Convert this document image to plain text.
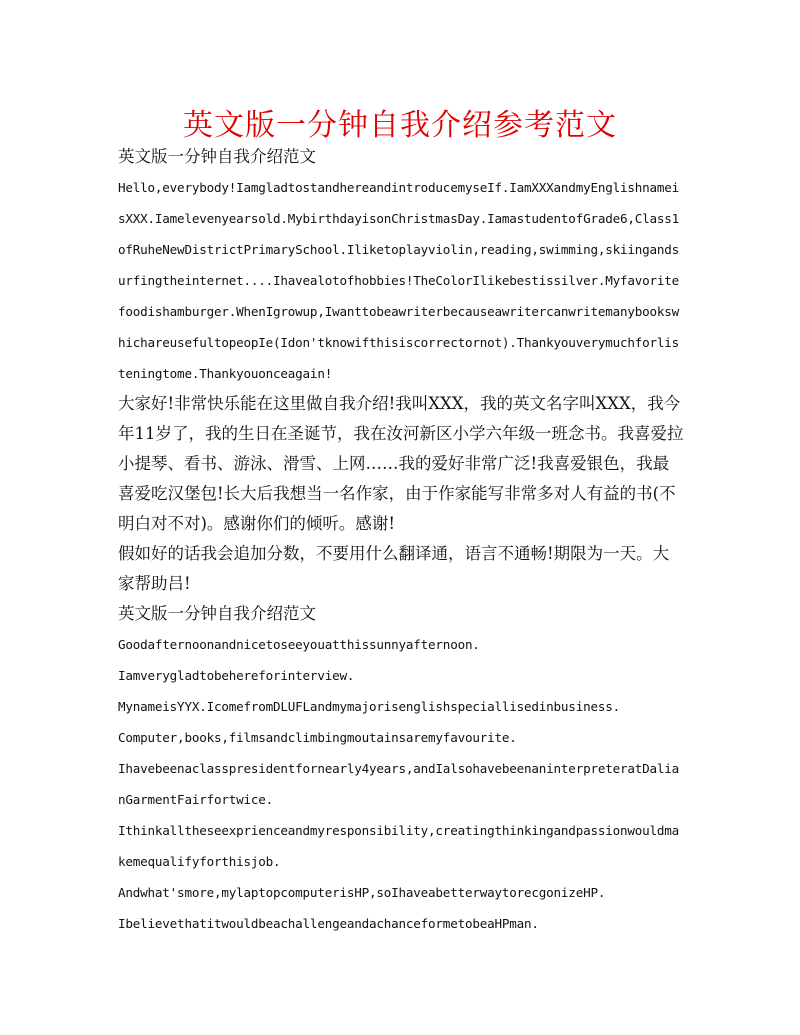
英文版一分钟自我介绍参考范文

英文版一分钟自我介绍范文

Hello,everybody!IamgladtostandhereandintroducemyseIf.IamXXXandmyEnglishnameisXXX.Iamelevenyearsold.MybirthdayisonChristmasDay.IamastudentofGrade6,Class1ofRuheNewDistrictPrimarySchool.Iliketoplayviolin,reading,swimming,skiingandsurfingtheinternet....Ihavealotofhobbies!TheColorIlikebestissilver.Myfavoritefoodishamburger.WhenIgrowup,IwanttobeawriterbecauseawritercanwritemanybookswhichareusefultopeopIe(Idon'tknowifthisiscorrectornot).Thankyouverymuchforlisteningtome.Thankyouonceagain!

大家好!非常快乐能在这里做自我介绍!我叫XXX，我的英文名字叫XXX，我今年11岁了，我的生日在圣诞节，我在汝河新区小学六年级一班念书。我喜爱拉小提琴、看书、游泳、滑雪、上网……我的爱好非常广泛!我喜爱银色，我最喜爱吃汉堡包!长大后我想当一名作家，由于作家能写非常多对人有益的书(不明白对不对)。感谢你们的倾听。感谢!

假如好的话我会追加分数，不要用什么翻译通，语言不通畅!期限为一天。大家帮助吕!

英文版一分钟自我介绍范文

Goodafternoonandnicetoseeyouatthissunnyafternoon.

Iamverygladtobehereforinterview.

MynameisYYX.IcomefromDLUFLandmymajorisenglishspeciallisedinbusiness.

Computer,books,filmsandclimbingmoutainsaremyfavourite.

Ihavebeenaclasspresidentfornearly4years,andIalsohavebeenaninterpreteratDalianGarmentFairfortwice.

Ithinkalltheseexprienceandmyresponsibility,creatingthinkingandpassionwouldmakemequalifyforthisjob.

Andwhat'smore,mylaptopcomputerisHP,soIhaveabetterwaytorecgonizeHP.

IbelievethatitwouldbeachallengeandachanceformetobeaHPman.
